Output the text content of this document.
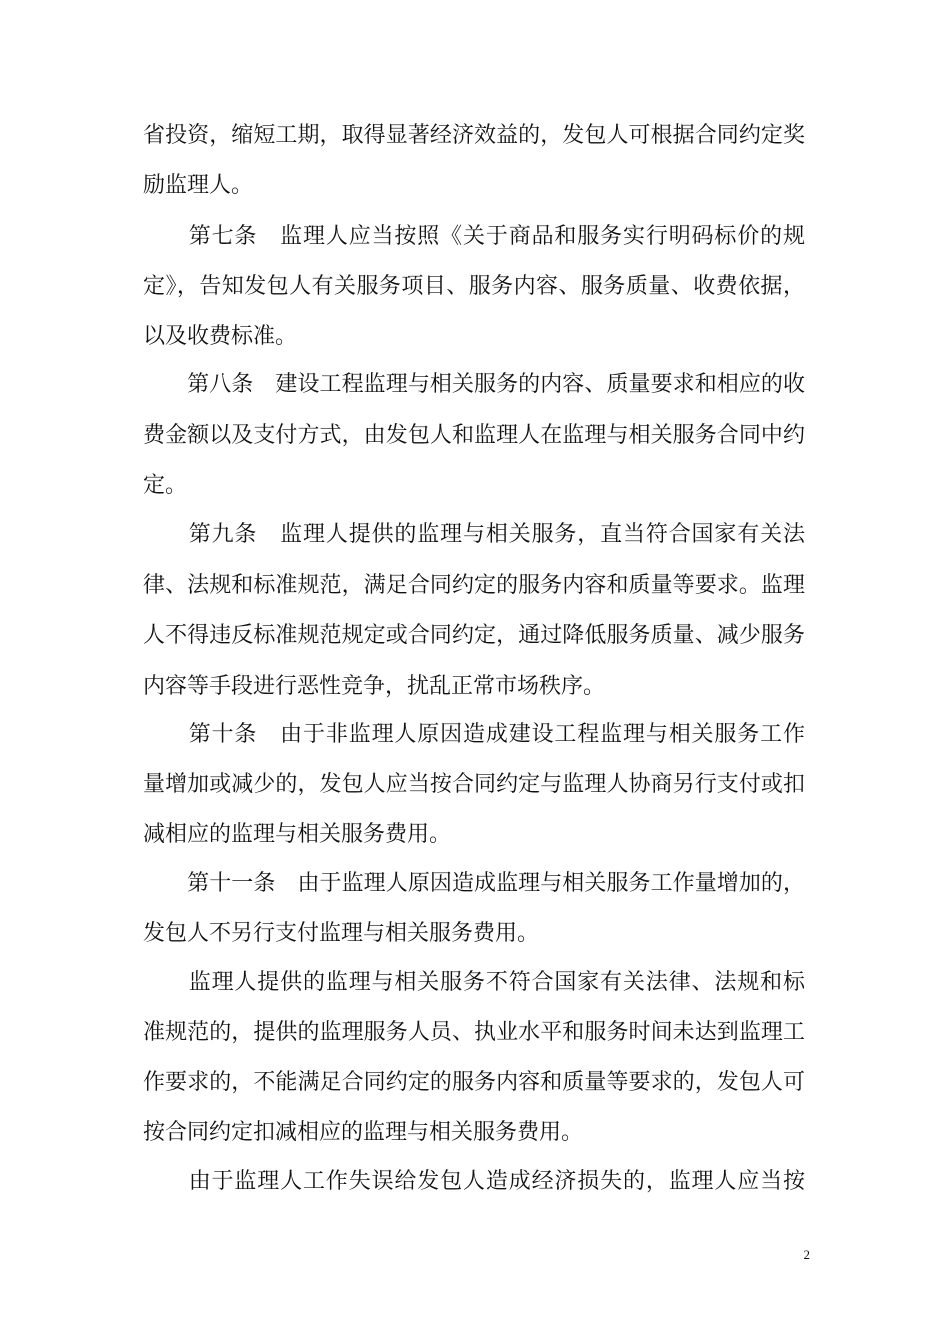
省投资，缩短工期，取得显著经济效益的，发包人可根据合同约定奖
励监理人。
　　第七条　监理人应当按照《关于商品和服务实行明码标价的规
定》，告知发包人有关服务项目、服务内容、服务质量、收费依据，
以及收费标准。
　　第八条　建设工程监理与相关服务的内容、质量要求和相应的收
费金额以及支付方式，由发包人和监理人在监理与相关服务合同中约
定。
　　第九条　监理人提供的监理与相关服务，直当符合国家有关法
律、法规和标准规范，满足合同约定的服务内容和质量等要求。监理
人不得违反标准规范规定或合同约定，通过降低服务质量、减少服务
内容等手段进行恶性竞争，扰乱正常市场秩序。
　　第十条　由于非监理人原因造成建设工程监理与相关服务工作
量增加或减少的，发包人应当按合同约定与监理人协商另行支付或扣
减相应的监理与相关服务费用。
　　第十一条　由于监理人原因造成监理与相关服务工作量增加的，
发包人不另行支付监理与相关服务费用。
　　监理人提供的监理与相关服务不符合国家有关法律、法规和标
准规范的，提供的监理服务人员、执业水平和服务时间未达到监理工
作要求的，不能满足合同约定的服务内容和质量等要求的，发包人可
按合同约定扣减相应的监理与相关服务费用。
　　由于监理人工作失误给发包人造成经济损失的，监理人应当按
2
